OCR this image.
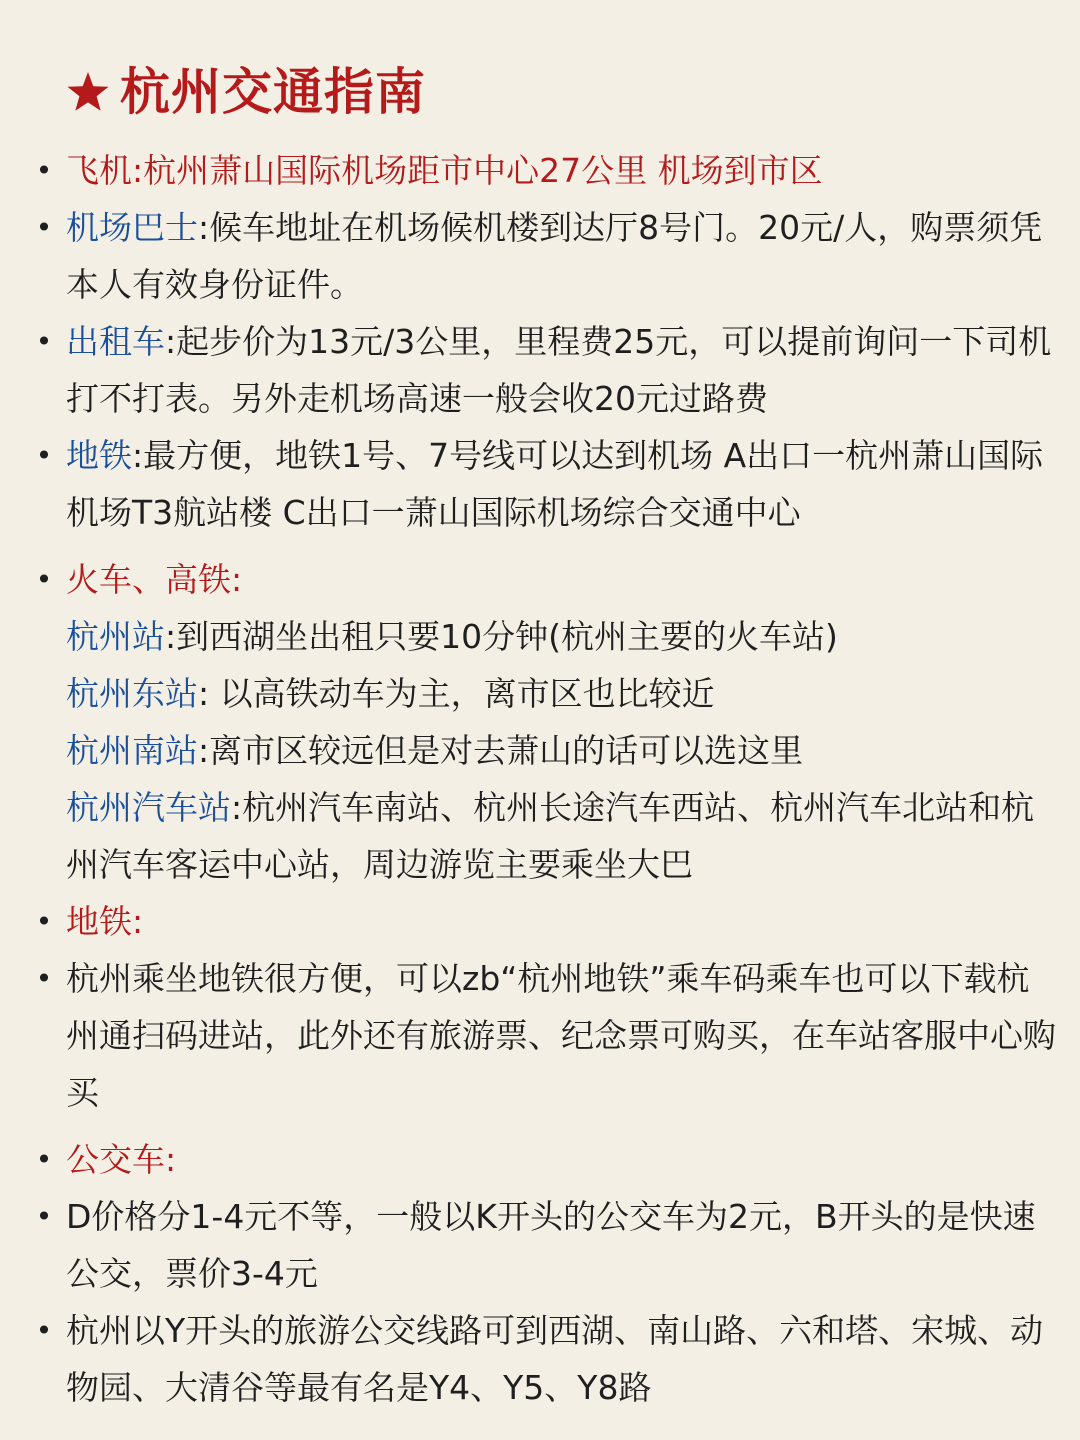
杭州交通指南
• 飞机:杭州萧山国际机场距市中心27公里 机场到市区
• 机场巴士:候车地址在机场候机楼到达厅8号门。20元/人，购票须凭本人有效身份证件。
• 出租车:起步价为13元/3公里，里程费25元，可以提前询问一下司机打不打表。另外走机场高速一般会收20元过路费
• 地铁:最方便，地铁1号、7号线可以达到机场 A出口一杭州萧山国际机场T3航站楼 C出口一萧山国际机场综合交通中心
• 火车、高铁:
杭州站:到西湖坐出租只要10分钟(杭州主要的火车站)
杭州东站: 以高铁动车为主，离市区也比较近
杭州南站:离市区较远但是对去萧山的话可以选这里
杭州汽车站:杭州汽车南站、杭州长途汽车西站、杭州汽车北站和杭州汽车客运中心站，周边游览主要乘坐大巴
• 地铁:
• 杭州乘坐地铁很方便，可以zb“杭州地铁”乘车码乘车也可以下载杭州通扫码进站，此外还有旅游票、纪念票可购买，在车站客服中心购买
• 公交车:
• D价格分1-4元不等，一般以K开头的公交车为2元，B开头的是快速公交，票价3-4元
• 杭州以Y开头的旅游公交线路可到西湖、南山路、六和塔、宋城、动物园、大清谷等最有名是Y4、Y5、Y8路
